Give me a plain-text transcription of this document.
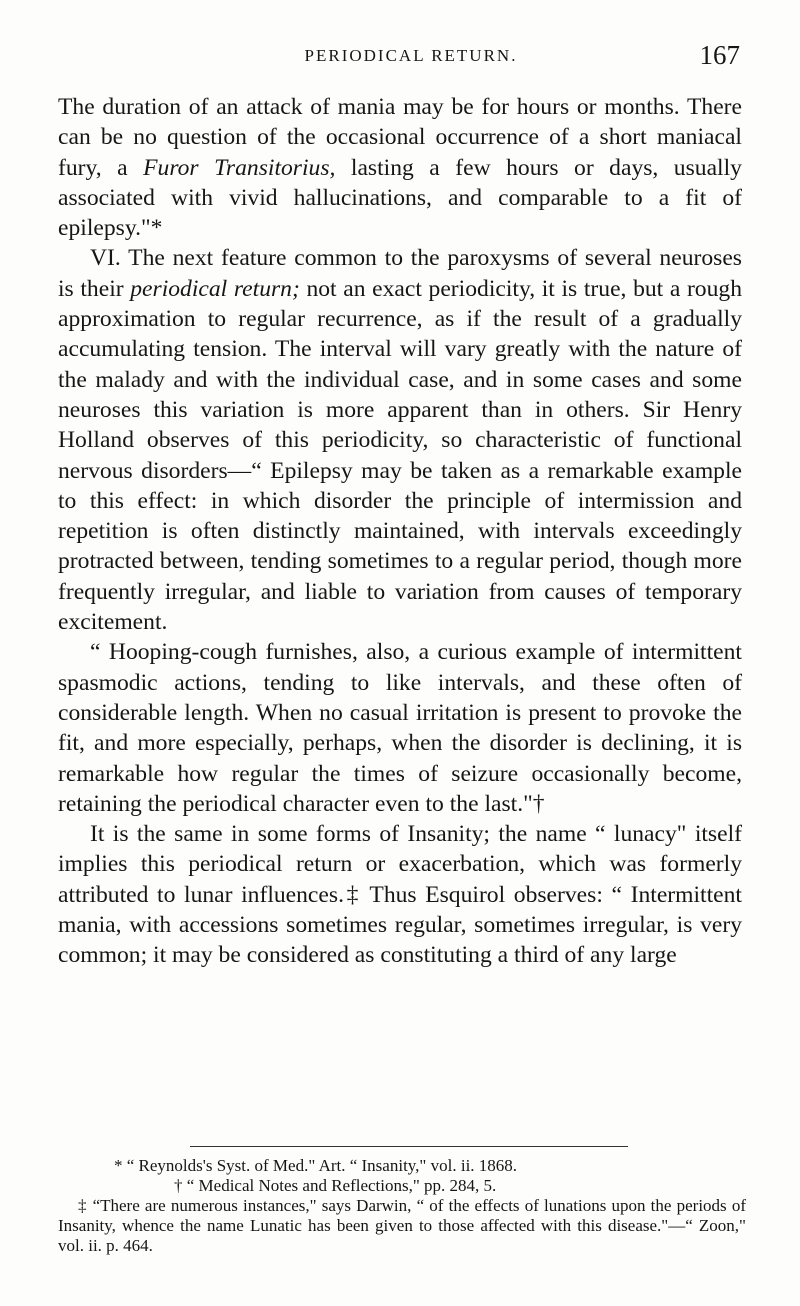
PERIODICAL RETURN.	167

The duration of an attack of mania may be for hours or months. There can be no question of the occasional occurrence of a short maniacal fury, a Furor Transitorius, lasting a few hours or days, usually associated with vivid hallucinations, and comparable to a fit of epilepsy."*

VI. The next feature common to the paroxysms of several neuroses is their periodical return; not an exact periodicity, it is true, but a rough approximation to regular recurrence, as if the result of a gradually accumulating tension. The interval will vary greatly with the nature of the malady and with the individual case, and in some cases and some neuroses this variation is more apparent than in others. Sir Henry Holland observes of this periodicity, so characteristic of functional nervous disorders—“ Epilepsy may be taken as a remarkable example to this effect: in which disorder the principle of intermission and repetition is often distinctly maintained, with intervals exceedingly protracted between, tending sometimes to a regular period, though more frequently irregular, and liable to variation from causes of temporary excitement.

“ Hooping-cough furnishes, also, a curious example of intermittent spasmodic actions, tending to like intervals, and these often of considerable length. When no casual irritation is present to provoke the fit, and more especially, perhaps, when the disorder is declining, it is remarkable how regular the times of seizure occasionally become, retaining the periodical character even to the last."†

It is the same in some forms of Insanity; the name “ lunacy" itself implies this periodical return or exacerbation, which was formerly attributed to lunar influences.‡ Thus Esquirol observes: “ Intermittent mania, with accessions sometimes regular, sometimes irregular, is very common; it may be considered as constituting a third of any large

* “ Reynolds's Syst. of Med." Art. “ Insanity," vol. ii. 1868.

† “ Medical Notes and Reflections," pp. 284, 5.

‡ “There are numerous instances," says Darwin, “ of the effects of lunations upon the periods of Insanity, whence the name Lunatic has been given to those affected with this disease."—“ Zoon," vol. ii. p. 464.
